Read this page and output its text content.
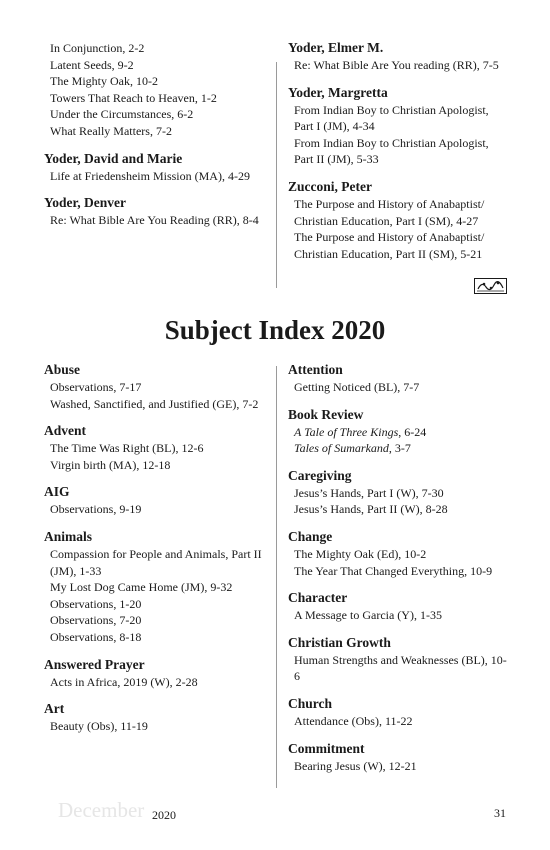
In Conjunction, 2-2
Latent Seeds, 9-2
The Mighty Oak, 10-2
Towers That Reach to Heaven, 1-2
Under the Circumstances, 6-2
What Really Matters, 7-2
Yoder, David and Marie
Life at Friedensheim Mission (MA), 4-29
Yoder, Denver
Re: What Bible Are You Reading (RR), 8-4
Yoder, Elmer M.
Re: What Bible Are You reading (RR), 7-5
Yoder, Margretta
From Indian Boy to Christian Apologist, Part I (JM), 4-34
From Indian Boy to Christian Apologist, Part II (JM), 5-33
Zucconi, Peter
The Purpose and History of Anabaptist/ Christian Education, Part I (SM), 4-27
The Purpose and History of Anabaptist/ Christian Education, Part II (SM), 5-21
Subject Index 2020
Abuse
Observations, 7-17
Washed, Sanctified, and Justified (GE), 7-2
Advent
The Time Was Right (BL), 12-6
Virgin birth (MA), 12-18
AIG
Observations, 9-19
Animals
Compassion for People and Animals, Part II (JM), 1-33
My Lost Dog Came Home (JM), 9-32
Observations, 1-20
Observations, 7-20
Observations, 8-18
Answered Prayer
Acts in Africa, 2019 (W), 2-28
Art
Beauty (Obs), 11-19
Attention
Getting Noticed (BL), 7-7
Book Review
A Tale of Three Kings, 6-24
Tales of Sumarkand, 3-7
Caregiving
Jesus’s Hands, Part I (W), 7-30
Jesus’s Hands, Part II (W), 8-28
Change
The Mighty Oak (Ed), 10-2
The Year That Changed Everything, 10-9
Character
A Message to Garcia (Y), 1-35
Christian Growth
Human Strengths and Weaknesses (BL), 10-6
Church
Attendance (Obs), 11-22
Commitment
Bearing Jesus (W), 12-21
December 2020	31
